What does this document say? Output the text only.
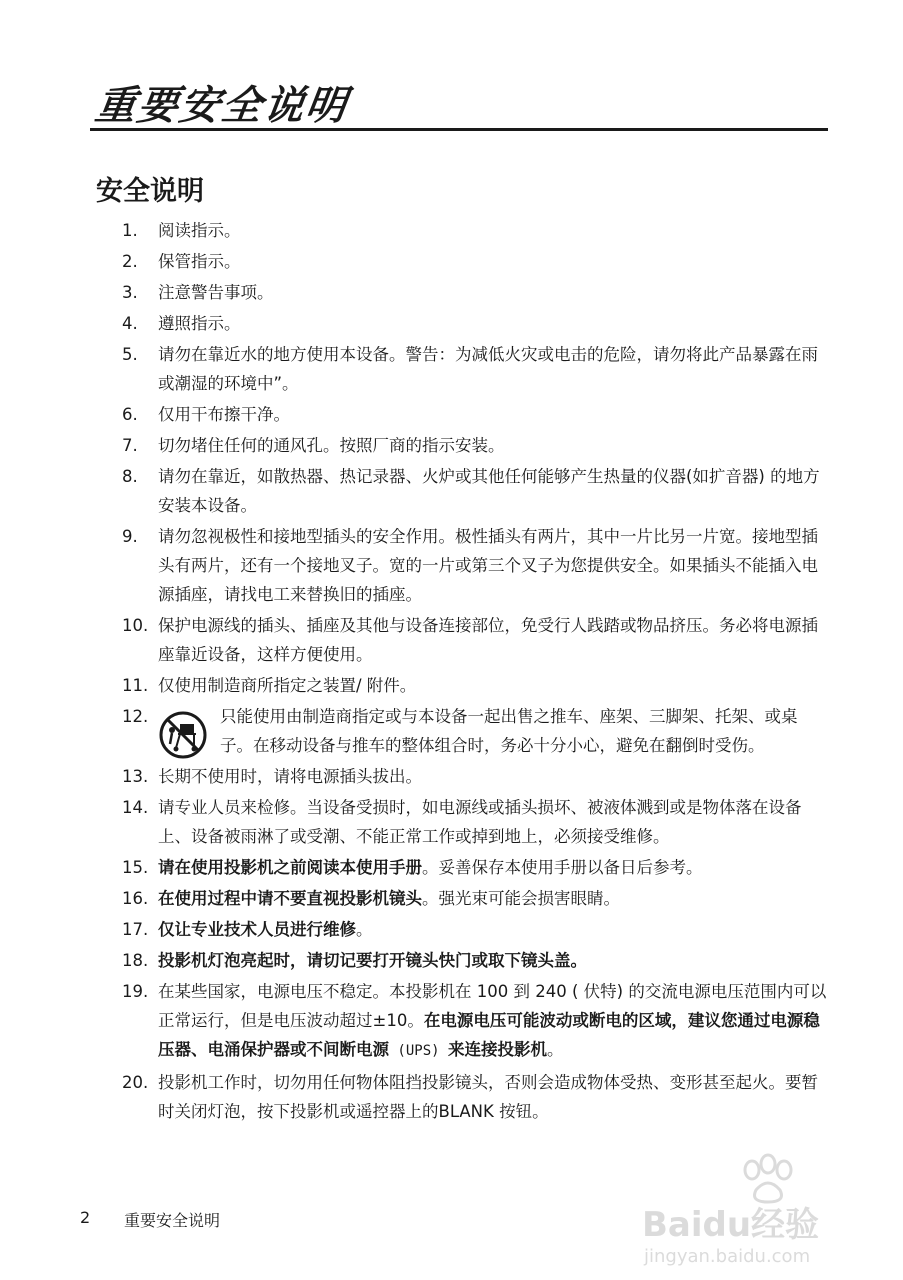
重要安全说明
安全说明
1.	阅读指示。
2.	保管指示。
3.	注意警告事项。
4.	遵照指示。
5.	请勿在靠近水的地方使用本设备。警告：为减低火灾或电击的危险，请勿将此产品暴露在雨或潮湿的环境中”。
6.	仅用干布擦干净。
7.	切勿堵住任何的通风孔。按照厂商的指示安装。
8.	请勿在靠近，如散热器、热记录器、火炉或其他任何能够产生热量的仪器(如扩音器) 的地方安装本设备。
9.	请勿忽视极性和接地型插头的安全作用。极性插头有两片，其中一片比另一片宽。接地型插头有两片，还有一个接地叉子。宽的一片或第三个叉子为您提供安全。如果插头不能插入电源插座，请找电工来替换旧的插座。
10. 保护电源线的插头、插座及其他与设备连接部位，免受行人践踏或物品挤压。务必将电源插座靠近设备，这样方便使用。
11. 仅使用制造商所指定之装置/ 附件。
12.	只能使用由制造商指定或与本设备一起出售之推车、座架、三脚架、托架、或桌子。在移动设备与推车的整体组合时，务必十分小心，避免在翻倒时受伤。
13. 长期不使用时，请将电源插头拔出。
14. 请专业人员来检修。当设备受损时，如电源线或插头损坏、被液体溅到或是物体落在设备上、设备被雨淋了或受潮、不能正常工作或掉到地上，必须接受维修。
15. 请在使用投影机之前阅读本使用手册。妥善保存本使用手册以备日后参考。
16. 在使用过程中请不要直视投影机镜头。强光束可能会损害眼睛。
17. 仅让专业技术人员进行维修。
18. 投影机灯泡亮起时，请切记要打开镜头快门或取下镜头盖。
19. 在某些国家，电源电压不稳定。本投影机在 100 到 240 ( 伏特) 的交流电源电压范围内可以正常运行，但是电压波动超过±10。在电源电压可能波动或断电的区域，建议您通过电源稳压器、电涌保护器或不间断电源 (UPS) 来连接投影机。
20. 投影机工作时，切勿用任何物体阻挡投影镜头，否则会造成物体受热、变形甚至起火。要暂时关闭灯泡，按下投影机或遥控器上的BLANK 按钮。
2 重要安全说明	Baidu经验
jingyan.baidu.com
